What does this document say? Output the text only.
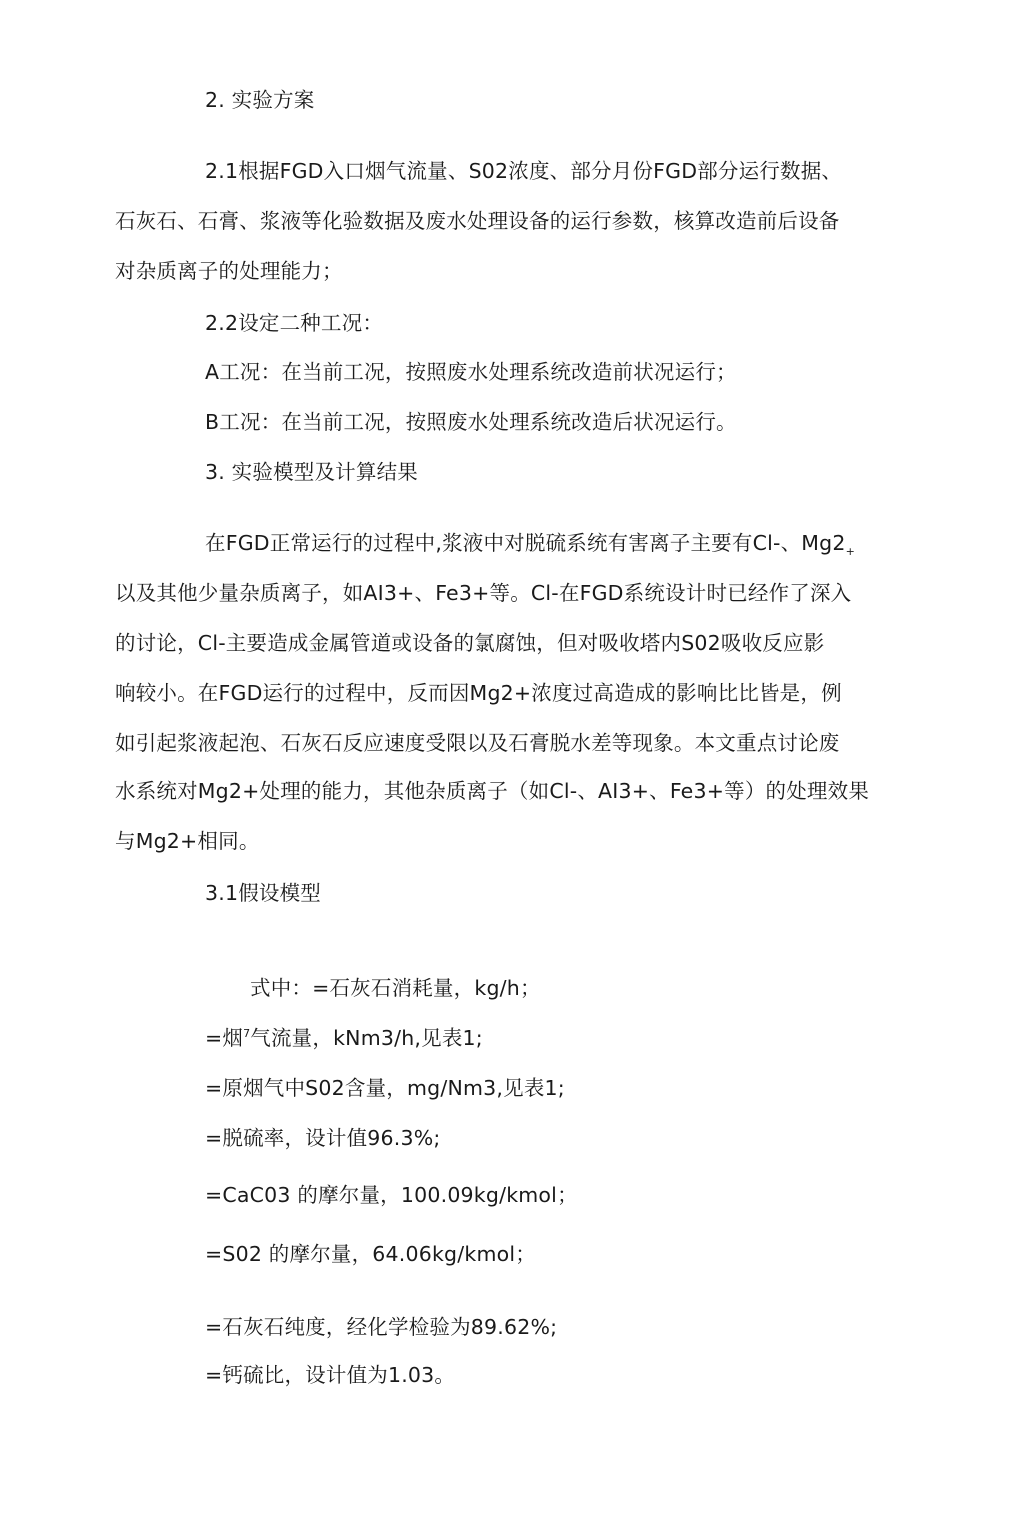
2. 实验方案
2.1根据FGD入口烟气流量、S02浓度、部分月份FGD部分运行数据、
石灰石、石膏、浆液等化验数据及废水处理设备的运行参数，核算改造前后设备
对杂质离子的处理能力；
2.2设定二种工况：
A工况：在当前工况，按照废水处理系统改造前状况运行；
B工况：在当前工况，按照废水处理系统改造后状况运行。
3. 实验模型及计算结果
在FGD正常运行的过程中,浆液中对脱硫系统有害离子主要有Cl-、$Mg2_+$
以及其他少量杂质离子，如AI3+、Fe3+等。Cl-在FGD系统设计时已经作了深入
的讨论，Cl-主要造成金属管道或设备的氯腐蚀，但对吸收塔内S02吸收反应影
响较小。在FGD运行的过程中，反而因Mg2+浓度过高造成的影响比比皆是，例
如引起浆液起泡、石灰石反应速度受限以及石膏脱水差等现象。本文重点讨论废
水系统对Mg2+处理的能力，其他杂质离子（如Cl-、AI3+、Fe3+等）的处理效果
与Mg2+相同。
3.1假设模型
式中：=石灰石消耗量，kg/h；
=烟$^7$气流量，kNm3/h,见表1;
=原烟气中S02含量，mg/Nm3,见表1;
=脱硫率，设计值96.3%;
=CaC03 的摩尔量，100.09kg/kmol；
=S02 的摩尔量，64.06kg/kmol；
=石灰石纯度，经化学检验为89.62%;
=钙硫比，设计值为1.03。
